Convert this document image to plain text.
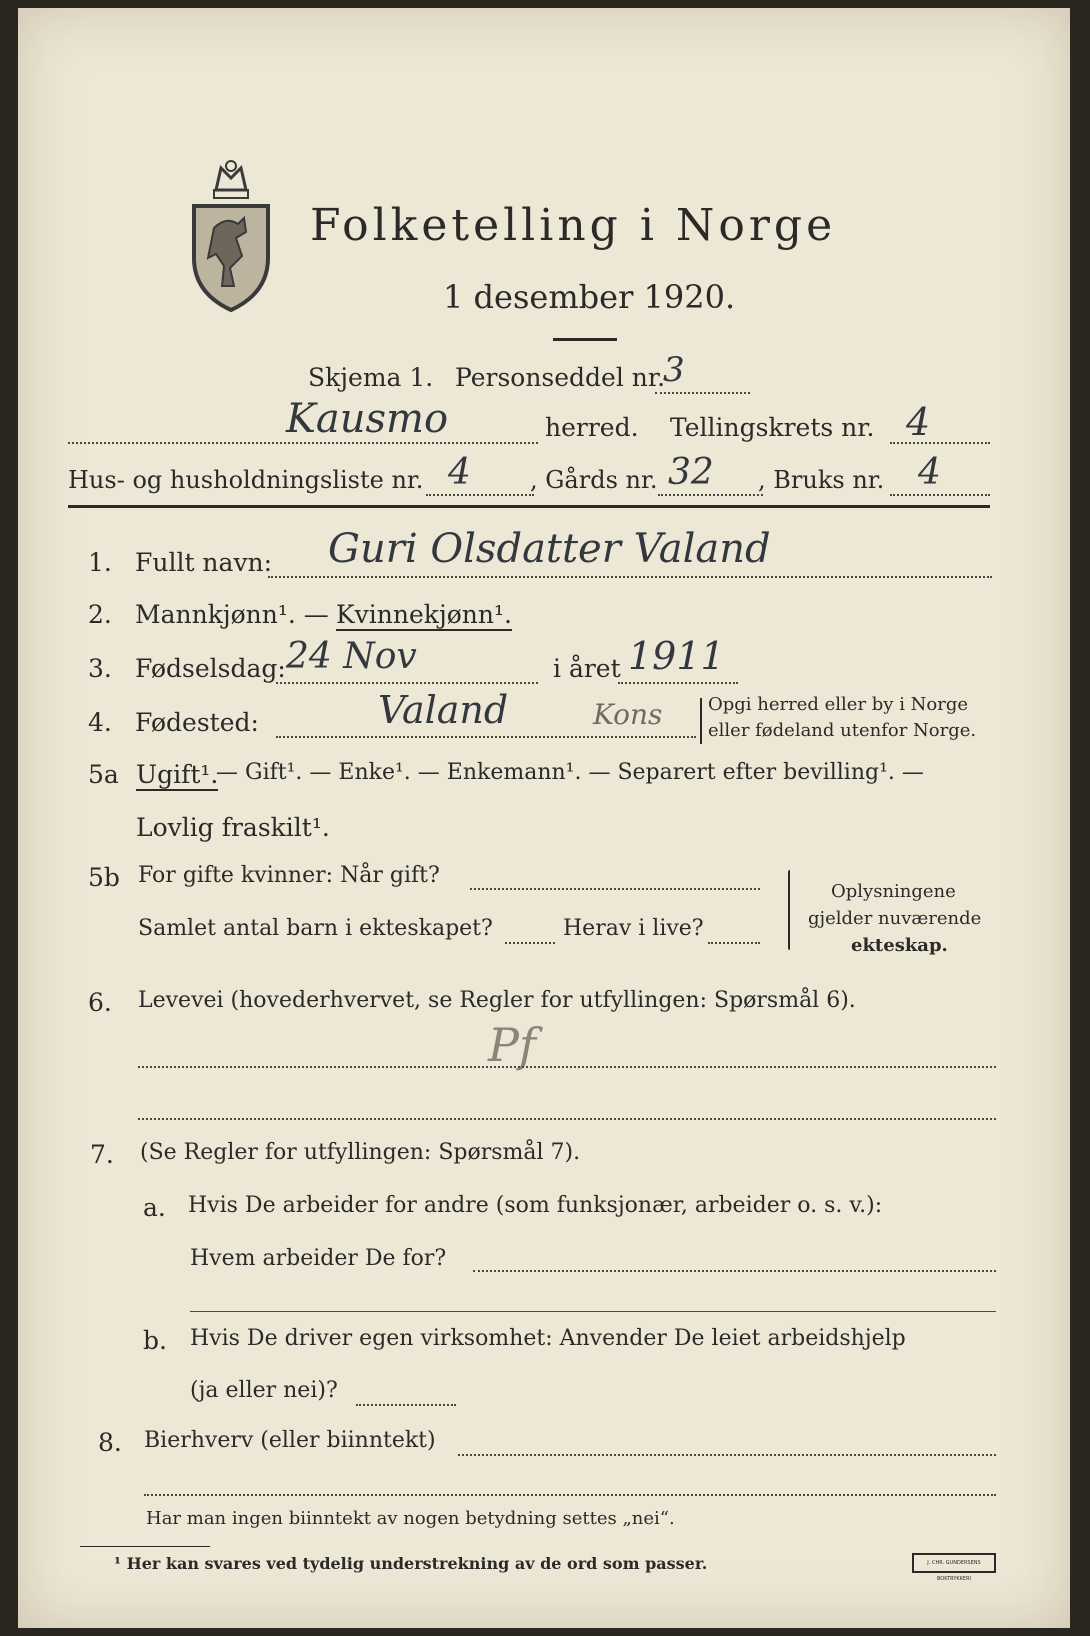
Folketelling i Norge
1 desember 1920.
Skjema 1. Personseddel nr.
3
Kausmo	herred. Tellingskrets nr. 4
Hus- og husholdningsliste nr. 4 , Gårds nr. 32 , Bruks nr. 4
1. Fullt navn: Guri Olsdatter Valand
2. Mannkjønn¹. — Kvinnekjønn¹.
3. Fødselsdag: 24 Nov	i året 1911
4. Fødested:	Valand	Kons	Opgi herred eller by i Norge
eller fødeland utenfor Norge.
5a Ugift¹.
— Gift¹. — Enke¹. — Enkemann¹. — Separert efter bevilling¹. —
Lovlig fraskilt¹.
5b For gifte kvinner: Når gift?
Samlet antal barn i ekteskapet?	Herav i live?
Oplysningene
gjelder nuværende
ekteskap.
6. Levevei (hovederhvervet, se Regler for utfyllingen: Spørsmål 6).
Pf
7. (Se Regler for utfyllingen: Spørsmål 7).
a. Hvis De arbeider for andre (som funksjonær, arbeider o. s. v.):
Hvem arbeider De for?
b. Hvis De driver egen virksomhet: Anvender De leiet arbeidshjelp
(ja eller nei)?
8. Bierhverv (eller biinntekt)
Har man ingen biinntekt av nogen betydning settes „nei“.
¹ Her kan svares ved tydelig understrekning av de ord som passer.	J. CHR. GUNDERSENS BOKTRYKKERI
